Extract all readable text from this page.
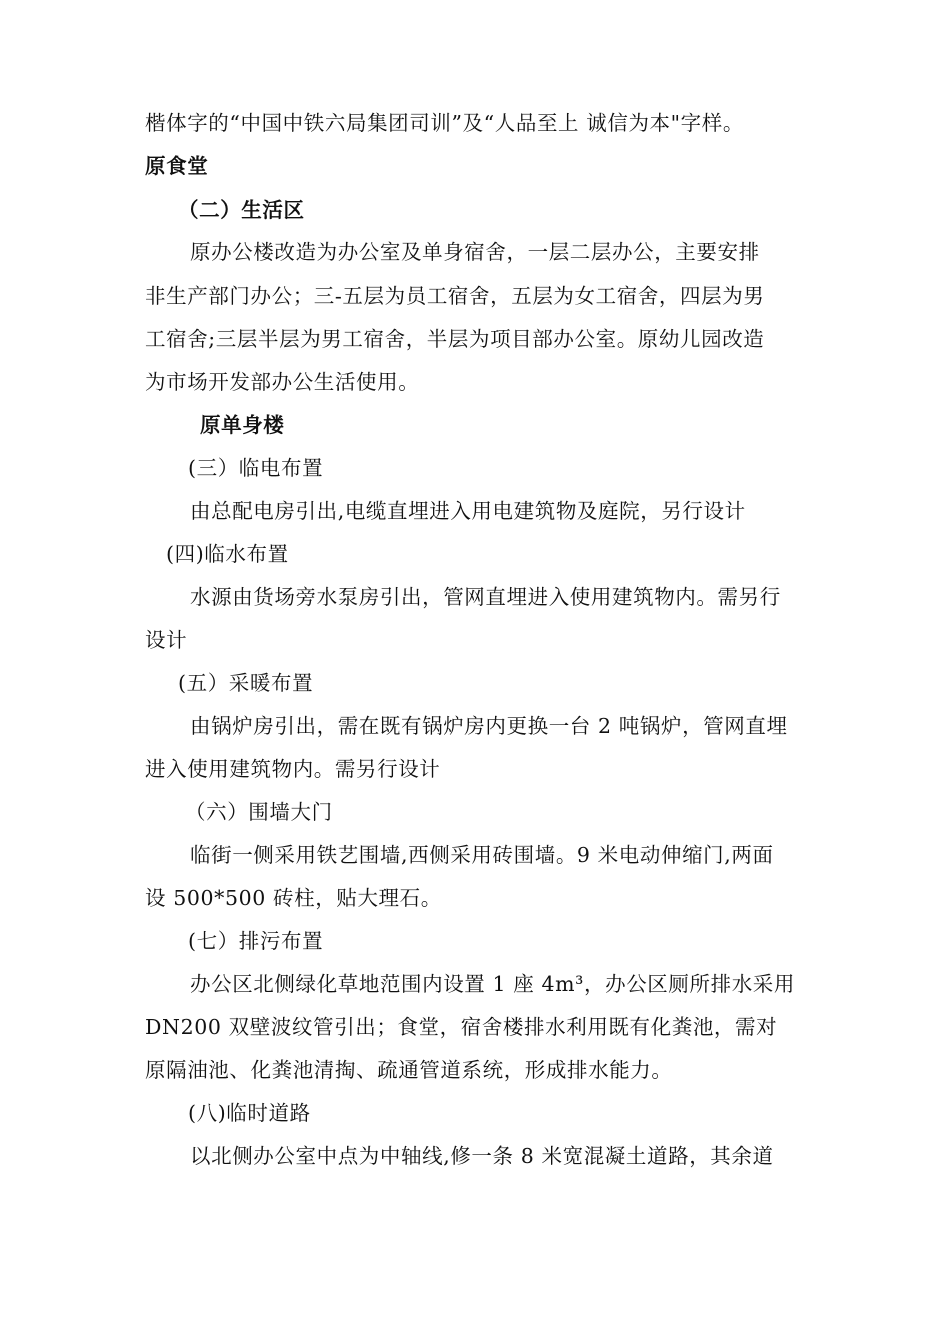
楷体字的“中国中铁六局集团司训”及“人品至上 诚信为本"字样。
原食堂
（二）生活区
原办公楼改造为办公室及单身宿舍，一层二层办公，主要安排
非生产部门办公；三-五层为员工宿舍，五层为女工宿舍，四层为男
工宿舍;三层半层为男工宿舍，半层为项目部办公室。原幼儿园改造
为市场开发部办公生活使用。
原单身楼
(三）临电布置
由总配电房引出,电缆直埋进入用电建筑物及庭院，另行设计
(四)临水布置
水源由货场旁水泵房引出，管网直埋进入使用建筑物内。需另行
设计
(五）采暖布置
由锅炉房引出，需在既有锅炉房内更换一台 2 吨锅炉，管网直埋
进入使用建筑物内。需另行设计
（六）围墙大门
临街一侧采用铁艺围墙,西侧采用砖围墙。9 米电动伸缩门,两面
设 500*500 砖柱，贴大理石。
(七）排污布置
办公区北侧绿化草地范围内设置 1 座 4m³，办公区厕所排水采用
DN200 双壁波纹管引出；食堂，宿舍楼排水利用既有化粪池，需对
原隔油池、化粪池清掏、疏通管道系统，形成排水能力。
(八)临时道路
以北侧办公室中点为中轴线,修一条 8 米宽混凝土道路，其余道
